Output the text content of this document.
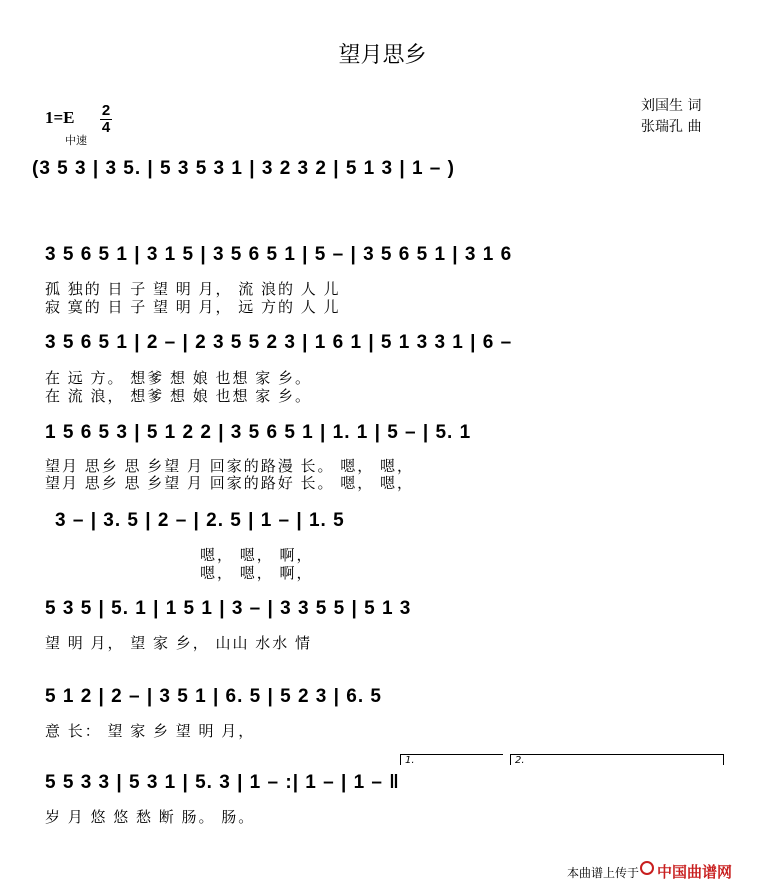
望月思乡
刘国生 词
张瑞孔 曲
1=E 2
4
中速
(3 5 3 | 3 5. | 5 3 5 3 1 | 3 2 3 2 | 5 1 3 | 1 – )
3 5 6 5 1 | 3 1 5 | 3 5 6 5 1 | 5 – | 3 5 6 5 1 | 3 1 6
孤 独的 日 子 望 明 月， 流 浪的 人 儿
寂 寞的 日 子 望 明 月， 远 方的 人 儿
3 5 6 5 1 | 2 – | 2 3 5 5 2 3 | 1 6 1 | 5 1 3 3 1 | 6 –
在 远 方。 想爹 想 娘 也想 家 乡。
在 流 浪， 想爹 想 娘 也想 家 乡。
1 5 6 5 3 | 5 1 2 2 | 3 5 6 5 1 | 1. 1 | 5 – | 5. 1
望月 思乡 思 乡望 月 回家的路漫 长。 嗯， 嗯，
望月 思乡 思 乡望 月 回家的路好 长。 嗯， 嗯，
3 – | 3. 5 | 2 – | 2. 5 | 1 – | 1. 5
嗯， 嗯， 啊，
嗯， 嗯， 啊，
5 3 5 | 5. 1 | 1 5 1 | 3 – | 3 3 5 5 | 5 1 3
望 明 月， 望 家 乡， 山山 水水 情
5 1 2 | 2 – | 3 5 1 | 6. 5 | 5 2 3 | 6. 5
意 长： 望 家 乡 望 明 月，
1.	2.
5 5 3 3 | 5 3 1 | 5. 3 | 1 – :| 1 – | 1 – ‖
岁 月 悠 悠 愁 断 肠。 肠。
本曲谱上传于 中国曲谱网
